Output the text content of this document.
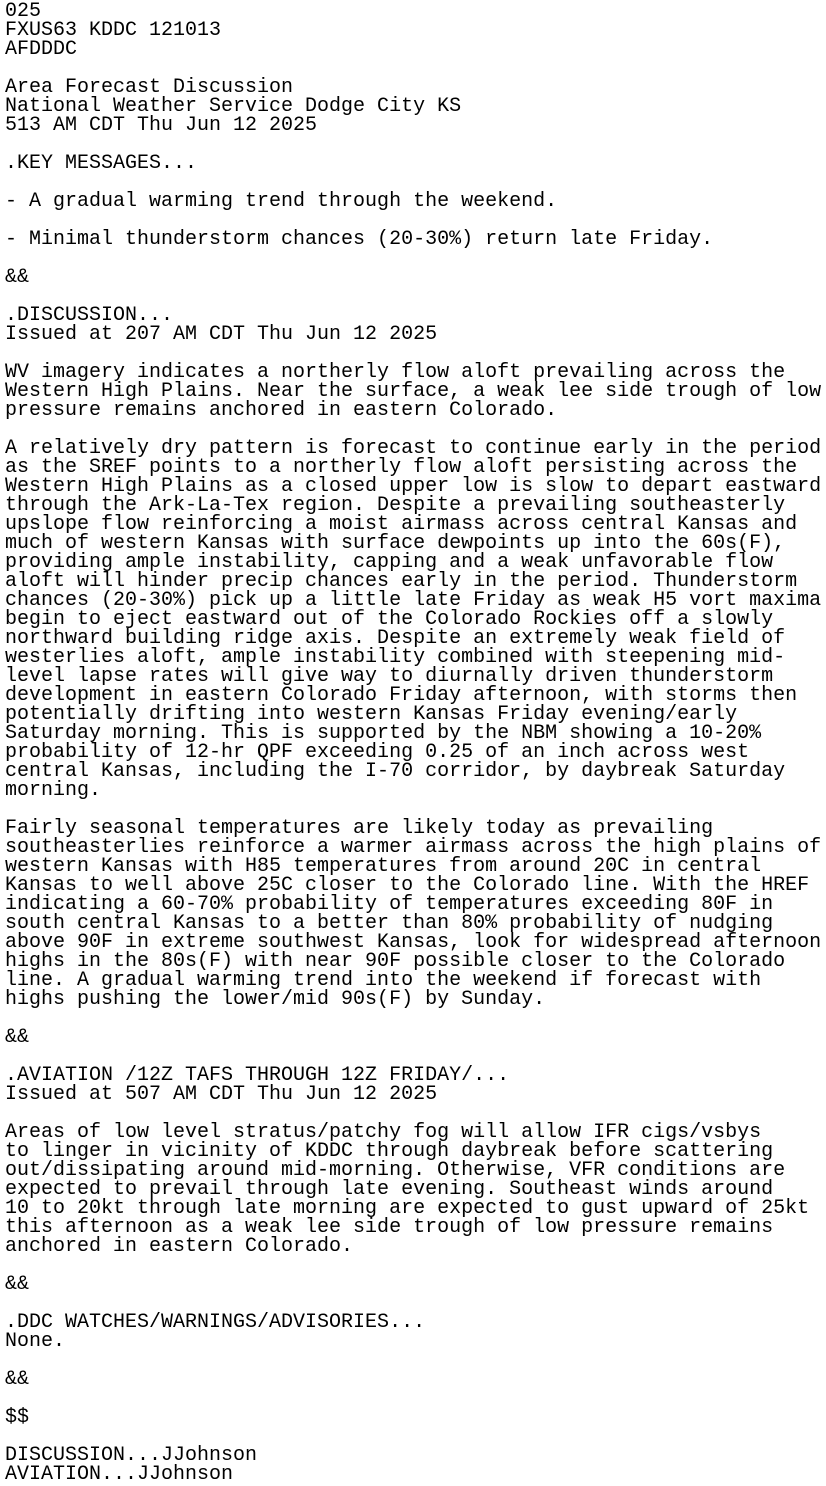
025
FXUS63 KDDC 121013
AFDDDC
Area Forecast Discussion
National Weather Service Dodge City KS
513 AM CDT Thu Jun 12 2025
.KEY MESSAGES...
- A gradual warming trend through the weekend.
- Minimal thunderstorm chances (20-30%) return late Friday.
&&
.DISCUSSION...
Issued at 207 AM CDT Thu Jun 12 2025
WV imagery indicates a northerly flow aloft prevailing across the
Western High Plains. Near the surface, a weak lee side trough of low
pressure remains anchored in eastern Colorado.
A relatively dry pattern is forecast to continue early in the period
as the SREF points to a northerly flow aloft persisting across the
Western High Plains as a closed upper low is slow to depart eastward
through the Ark-La-Tex region. Despite a prevailing southeasterly
upslope flow reinforcing a moist airmass across central Kansas and
much of western Kansas with surface dewpoints up into the 60s(F),
providing ample instability, capping and a weak unfavorable flow
aloft will hinder precip chances early in the period. Thunderstorm
chances (20-30%) pick up a little late Friday as weak H5 vort maxima
begin to eject eastward out of the Colorado Rockies off a slowly
northward building ridge axis. Despite an extremely weak field of
westerlies aloft, ample instability combined with steepening mid-
level lapse rates will give way to diurnally driven thunderstorm
development in eastern Colorado Friday afternoon, with storms then
potentially drifting into western Kansas Friday evening/early
Saturday morning. This is supported by the NBM showing a 10-20%
probability of 12-hr QPF exceeding 0.25 of an inch across west
central Kansas, including the I-70 corridor, by daybreak Saturday
morning.
Fairly seasonal temperatures are likely today as prevailing
southeasterlies reinforce a warmer airmass across the high plains of
western Kansas with H85 temperatures from around 20C in central
Kansas to well above 25C closer to the Colorado line. With the HREF
indicating a 60-70% probability of temperatures exceeding 80F in
south central Kansas to a better than 80% probability of nudging
above 90F in extreme southwest Kansas, look for widespread afternoon
highs in the 80s(F) with near 90F possible closer to the Colorado
line. A gradual warming trend into the weekend if forecast with
highs pushing the lower/mid 90s(F) by Sunday.
&&
.AVIATION /12Z TAFS THROUGH 12Z FRIDAY/...
Issued at 507 AM CDT Thu Jun 12 2025
Areas of low level stratus/patchy fog will allow IFR cigs/vsbys
to linger in vicinity of KDDC through daybreak before scattering
out/dissipating around mid-morning. Otherwise, VFR conditions are
expected to prevail through late evening. Southeast winds around
10 to 20kt through late morning are expected to gust upward of 25kt
this afternoon as a weak lee side trough of low pressure remains
anchored in eastern Colorado.
&&
.DDC WATCHES/WARNINGS/ADVISORIES...
None.
&&
$$
DISCUSSION...JJohnson
AVIATION...JJohnson
